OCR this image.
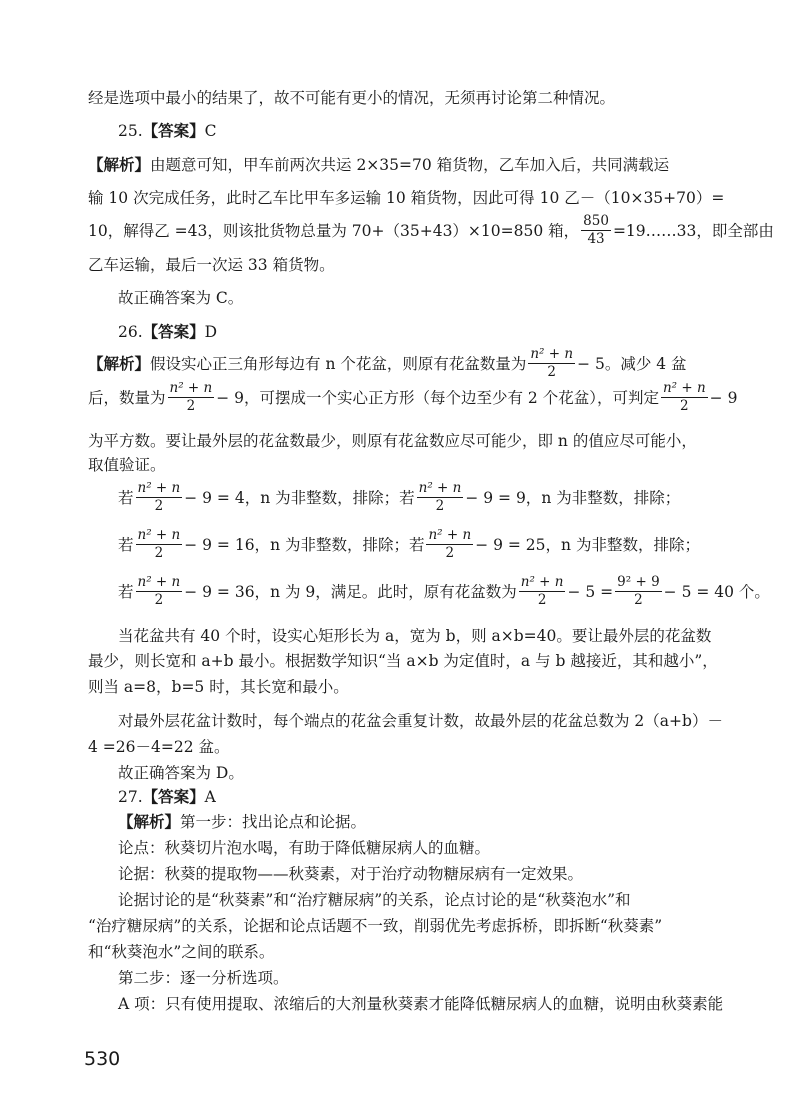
经是选项中最小的结果了，故不可能有更小的情况，无须再讨论第二种情况。
25.【答案】C
【解析】由题意可知，甲车前两次共运 2×35=70 箱货物，乙车加入后，共同满载运
输 10 次完成任务，此时乙车比甲车多运输 10 箱货物，因此可得 10 乙－（10×35+70）=
10，解得乙 =43，则该批货物总量为 70+（35+43）×10=850 箱， $\frac{850}{43}$ =19……33，即全部由
乙车运输，最后一次运 33 箱货物。
故正确答案为 C。
26.【答案】D
【解析】假设实心正三角形每边有 n 个花盆，则原有花盆数量为 $\frac{\text{n² + n}}{2} - 5$。减少 4 盆
后，数量为 $\frac{\text{n² + n}}{2} - 9$，可摆成一个实心正方形（每个边至少有 2 个花盆），可判定 $\frac{\text{n² + n}}{2} - 9$
为平方数。要让最外层的花盆数最少，则原有花盆数应尽可能少，即 n 的值应尽可能小，
取值验证。
若 $\frac{\text{n² + n}}{2} - 9 = 4$，n 为非整数，排除；若 $\frac{\text{n² + n}}{2} - 9 = 9$，n 为非整数，排除；
若 $\frac{\text{n² + n}}{2} - 9 = 16$，n 为非整数，排除；若 $\frac{\text{n² + n}}{2} - 9 = 25$，n 为非整数，排除；
若 $\frac{\text{n² + n}}{2} - 9 = 36$，n 为 9，满足。此时，原有花盆数为 $\frac{\text{n² + n}}{2} - 5 = \frac{\text{9² + 9}}{2} - 5 = 40$ 个。
当花盆共有 40 个时，设实心矩形长为 a，宽为 b，则 a×b=40。要让最外层的花盆数
最少，则长宽和 a+b 最小。根据数学知识“当 a×b 为定值时，a 与 b 越接近，其和越小”，
则当 a=8，b=5 时，其长宽和最小。
对最外层花盆计数时，每个端点的花盆会重复计数，故最外层的花盆总数为 2（a+b）－
4 =26－4=22 盆。
故正确答案为 D。
27.【答案】A
【解析】第一步：找出论点和论据。
论点：秋葵切片泡水喝，有助于降低糖尿病人的血糖。
论据：秋葵的提取物——秋葵素，对于治疗动物糖尿病有一定效果。
论据讨论的是“秋葵素”和“治疗糖尿病”的关系，论点讨论的是“秋葵泡水”和
“治疗糖尿病”的关系，论据和论点话题不一致，削弱优先考虑拆桥，即拆断“秋葵素”
和“秋葵泡水”之间的联系。
第二步：逐一分析选项。
A 项：只有使用提取、浓缩后的大剂量秋葵素才能降低糖尿病人的血糖，说明由秋葵素能
530
